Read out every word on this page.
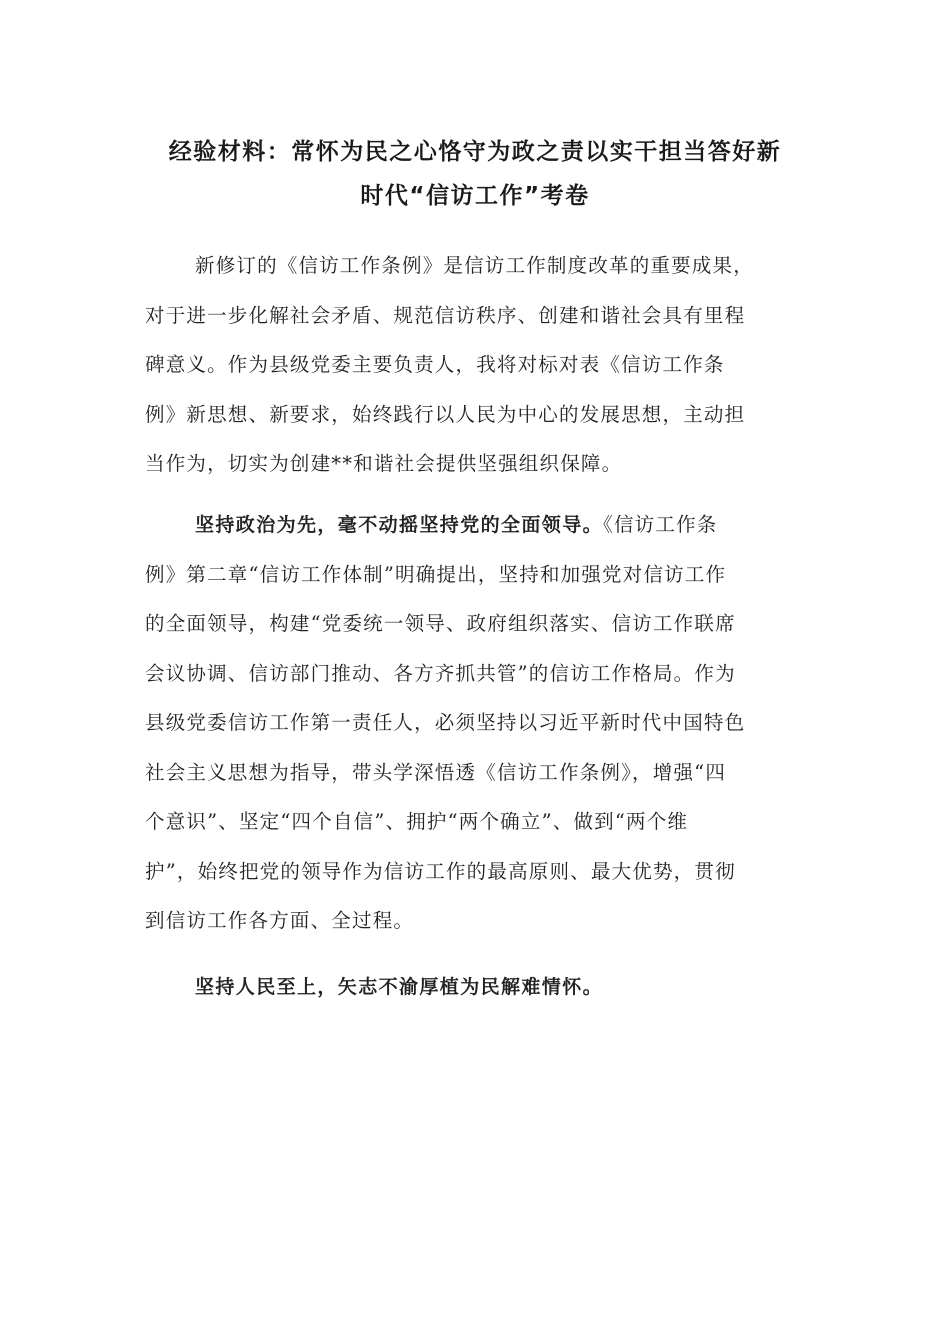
经验材料：常怀为民之心恪守为政之责以实干担当答好新
时代“信访工作”考卷
新修订的《信访工作条例》是信访工作制度改革的重要成果，
对于进一步化解社会矛盾、规范信访秩序、创建和谐社会具有里程
碑意义。作为县级党委主要负责人，我将对标对表《信访工作条
例》新思想、新要求，始终践行以人民为中心的发展思想，主动担
当作为，切实为创建**和谐社会提供坚强组织保障。
坚持政治为先，毫不动摇坚持党的全面领导。《信访工作条
例》第二章“信访工作体制”明确提出，坚持和加强党对信访工作
的全面领导，构建“党委统一领导、政府组织落实、信访工作联席
会议协调、信访部门推动、各方齐抓共管”的信访工作格局。作为
县级党委信访工作第一责任人，必须坚持以习近平新时代中国特色
社会主义思想为指导，带头学深悟透《信访工作条例》，增强“四
个意识”、坚定“四个自信”、拥护“两个确立”、做到“两个维
护”，始终把党的领导作为信访工作的最高原则、最大优势，贯彻
到信访工作各方面、全过程。
坚持人民至上，矢志不渝厚植为民解难情怀。
